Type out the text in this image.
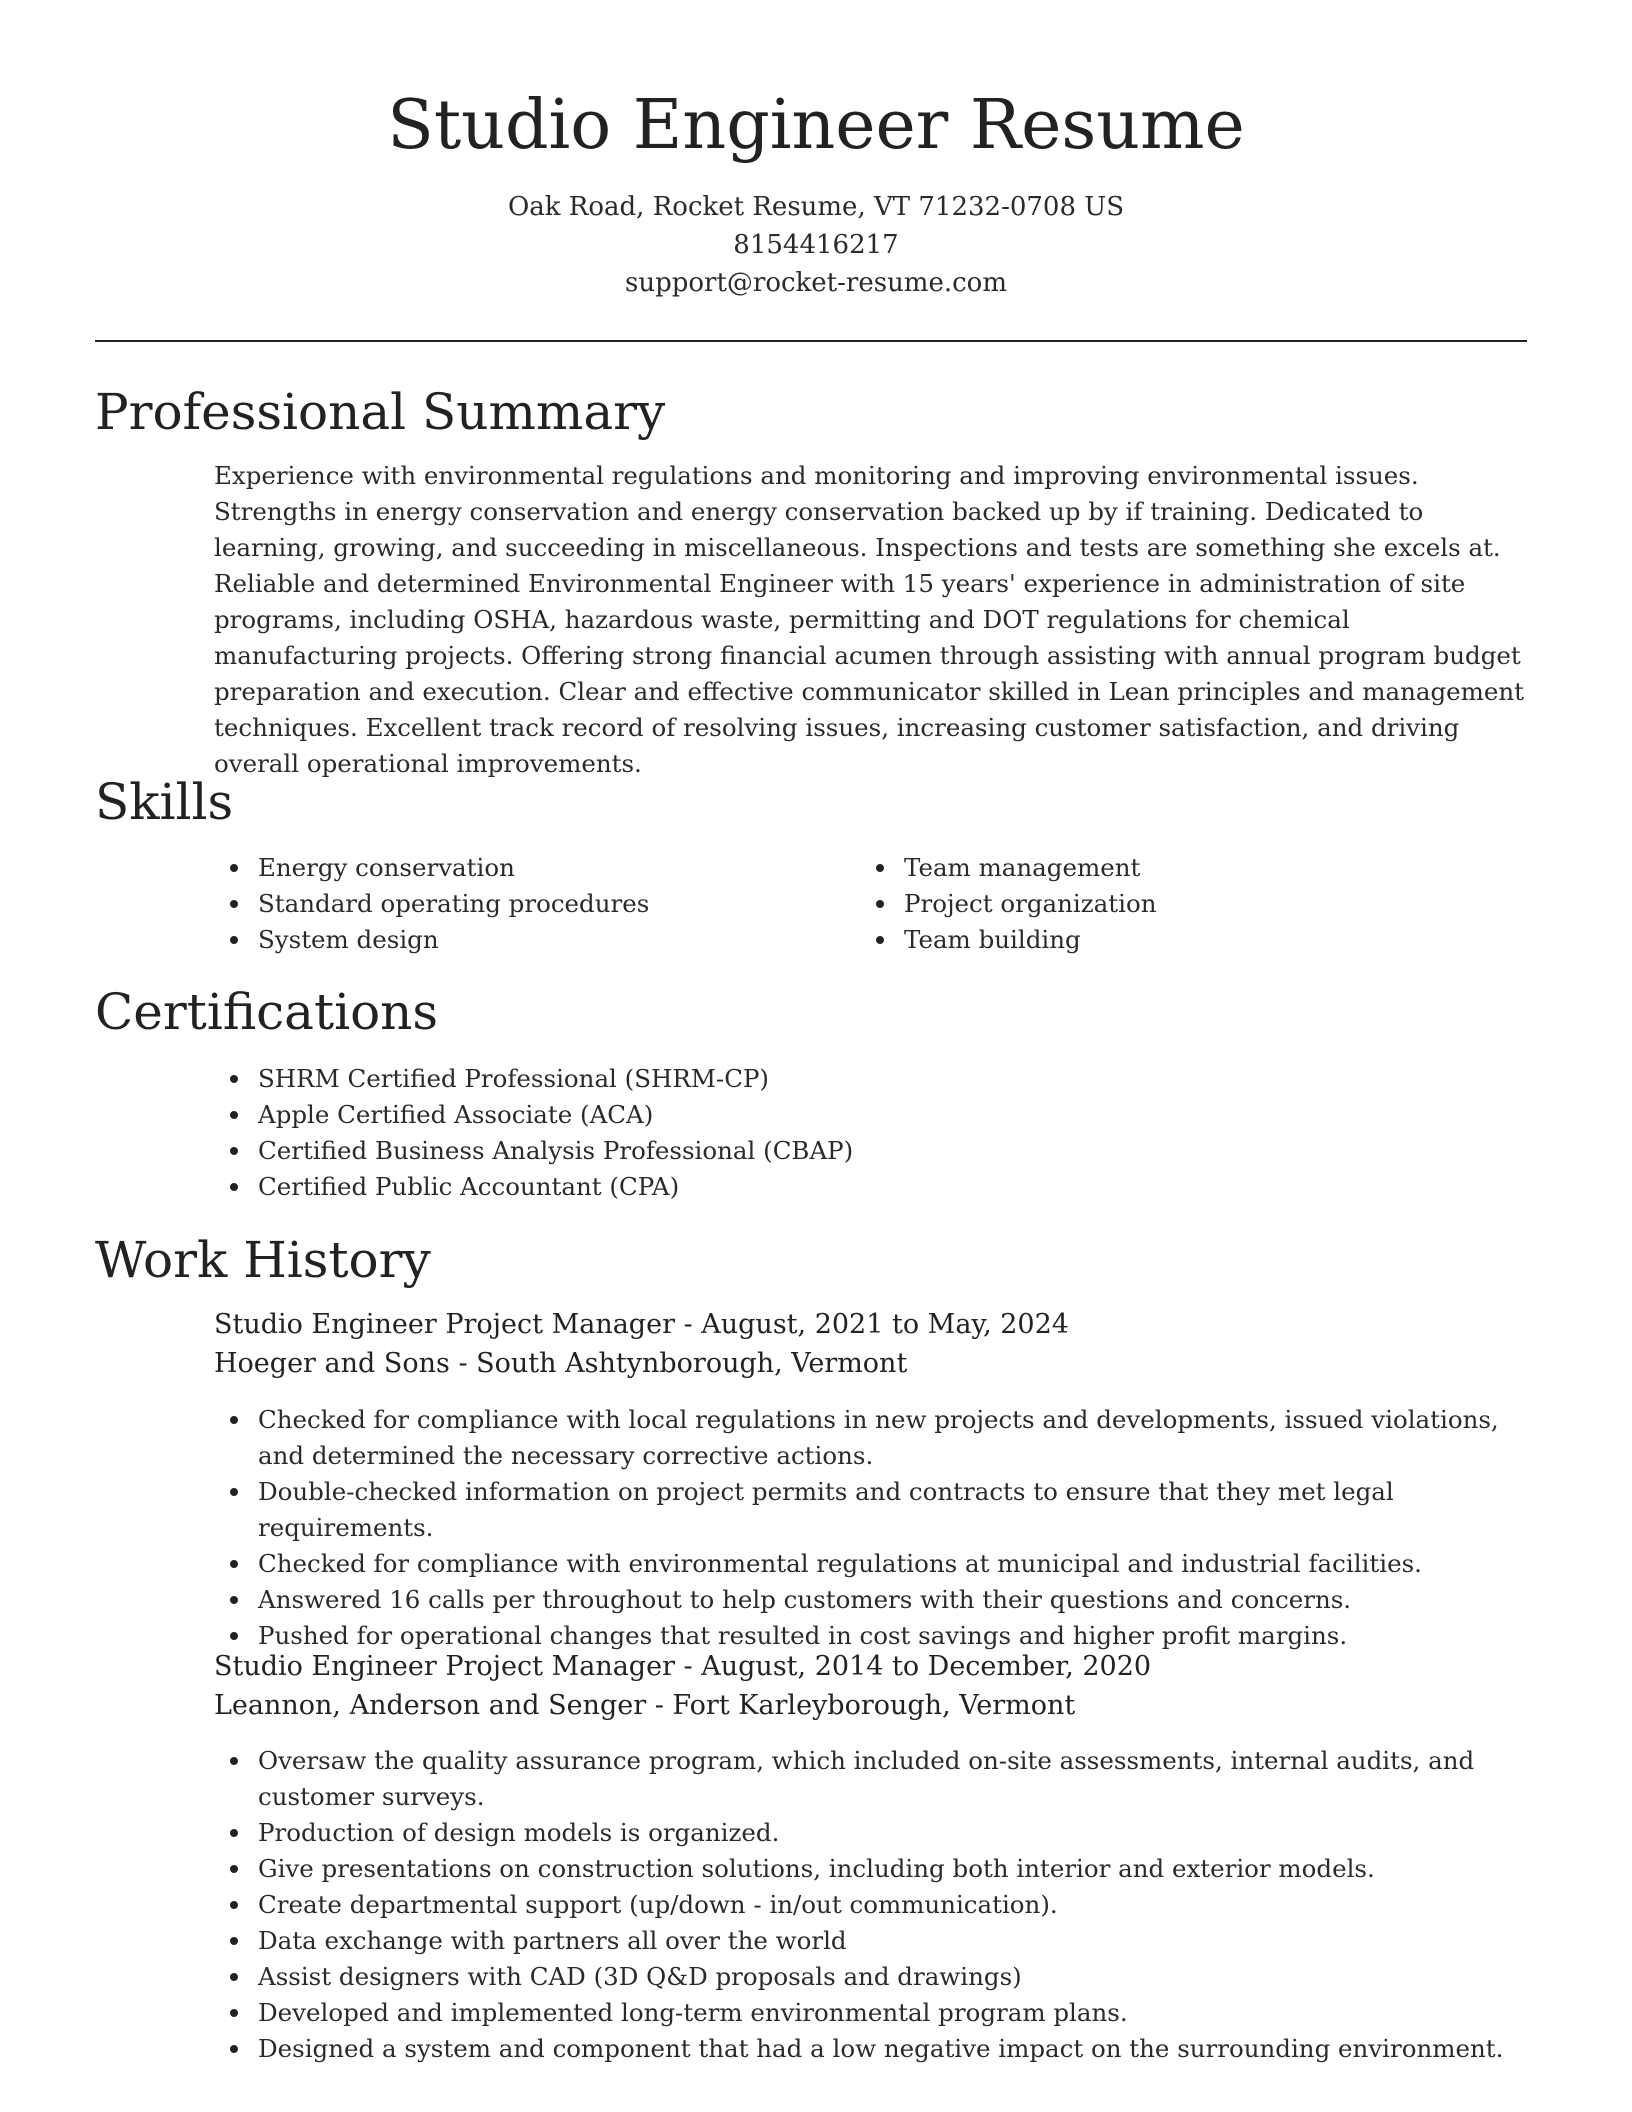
Studio Engineer Resume
Oak Road, Rocket Resume, VT 71232-0708 US
8154416217
support@rocket-resume.com
Professional Summary

Experience with environmental regulations and monitoring and improving environmental issues. Strengths in energy conservation and energy conservation backed up by if training. Dedicated to learning, growing, and succeeding in miscellaneous. Inspections and tests are something she excels at. Reliable and determined Environmental Engineer with 15 years' experience in administration of site programs, including OSHA, hazardous waste, permitting and DOT regulations for chemical manufacturing projects. Offering strong financial acumen through assisting with annual program budget preparation and execution. Clear and effective communicator skilled in Lean principles and management techniques. Excellent track record of resolving issues, increasing customer satisfaction, and driving overall operational improvements.

Skills
Energy conservation
Standard operating procedures
System design
Team management
Project organization
Team building
Certifications
SHRM Certified Professional (SHRM-CP)
Apple Certified Associate (ACA)
Certified Business Analysis Professional (CBAP)
Certified Public Accountant (CPA)
Work History
Studio Engineer Project Manager - August, 2021 to May, 2024
Hoeger and Sons - South Ashtynborough, Vermont
Checked for compliance with local regulations in new projects and developments, issued violations, and determined the necessary corrective actions.
Double-checked information on project permits and contracts to ensure that they met legal requirements.
Checked for compliance with environmental regulations at municipal and industrial facilities.
Answered 16 calls per throughout to help customers with their questions and concerns.
Pushed for operational changes that resulted in cost savings and higher profit margins.
Studio Engineer Project Manager - August, 2014 to December, 2020
Leannon, Anderson and Senger - Fort Karleyborough, Vermont
Oversaw the quality assurance program, which included on-site assessments, internal audits, and customer surveys.
Production of design models is organized.
Give presentations on construction solutions, including both interior and exterior models.
Create departmental support (up/down - in/out communication).
Data exchange with partners all over the world
Assist designers with CAD (3D Q&D proposals and drawings)
Developed and implemented long-term environmental program plans.
Designed a system and component that had a low negative impact on the surrounding environment.
